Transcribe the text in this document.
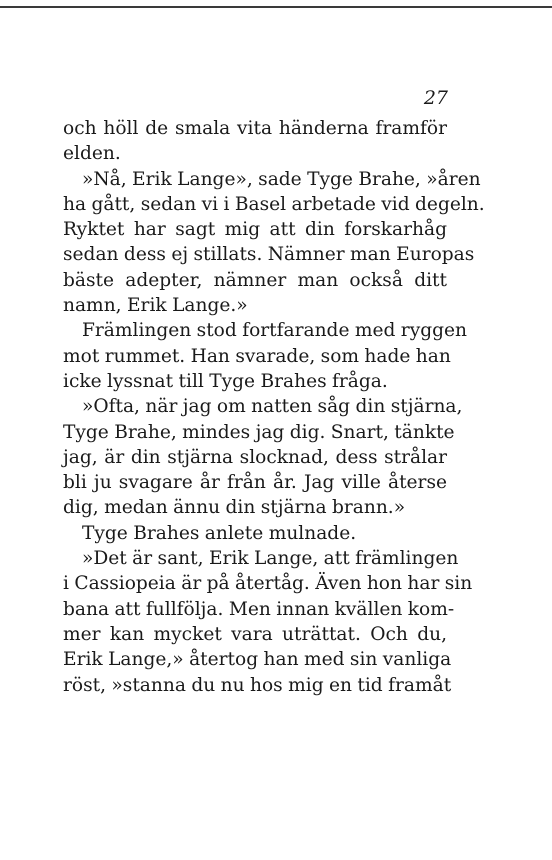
27
och höll de smala vita händerna framför
elden.
»Nå, Erik Lange», sade Tyge Brahe, »åren
ha gått, sedan vi i Basel arbetade vid degeln.
Ryktet har sagt mig att din forskarhåg
sedan dess ej stillats. Nämner man Europas
bäste adepter, nämner man också ditt
namn, Erik Lange.»
Främlingen stod fortfarande med ryggen
mot rummet. Han svarade, som hade han
icke lyssnat till Tyge Brahes fråga.
»Ofta, när jag om natten såg din stjärna,
Tyge Brahe, mindes jag dig. Snart, tänkte
jag, är din stjärna slocknad, dess strålar
bli ju svagare år från år. Jag ville återse
dig, medan ännu din stjärna brann.»
Tyge Brahes anlete mulnade.
»Det är sant, Erik Lange, att främlingen
i Cassiopeia är på återtåg. Även hon har sin
bana att fullfölja. Men innan kvällen kom-
mer kan mycket vara uträttat. Och du,
Erik Lange,» återtog han med sin vanliga
röst, »stanna du nu hos mig en tid framåt
